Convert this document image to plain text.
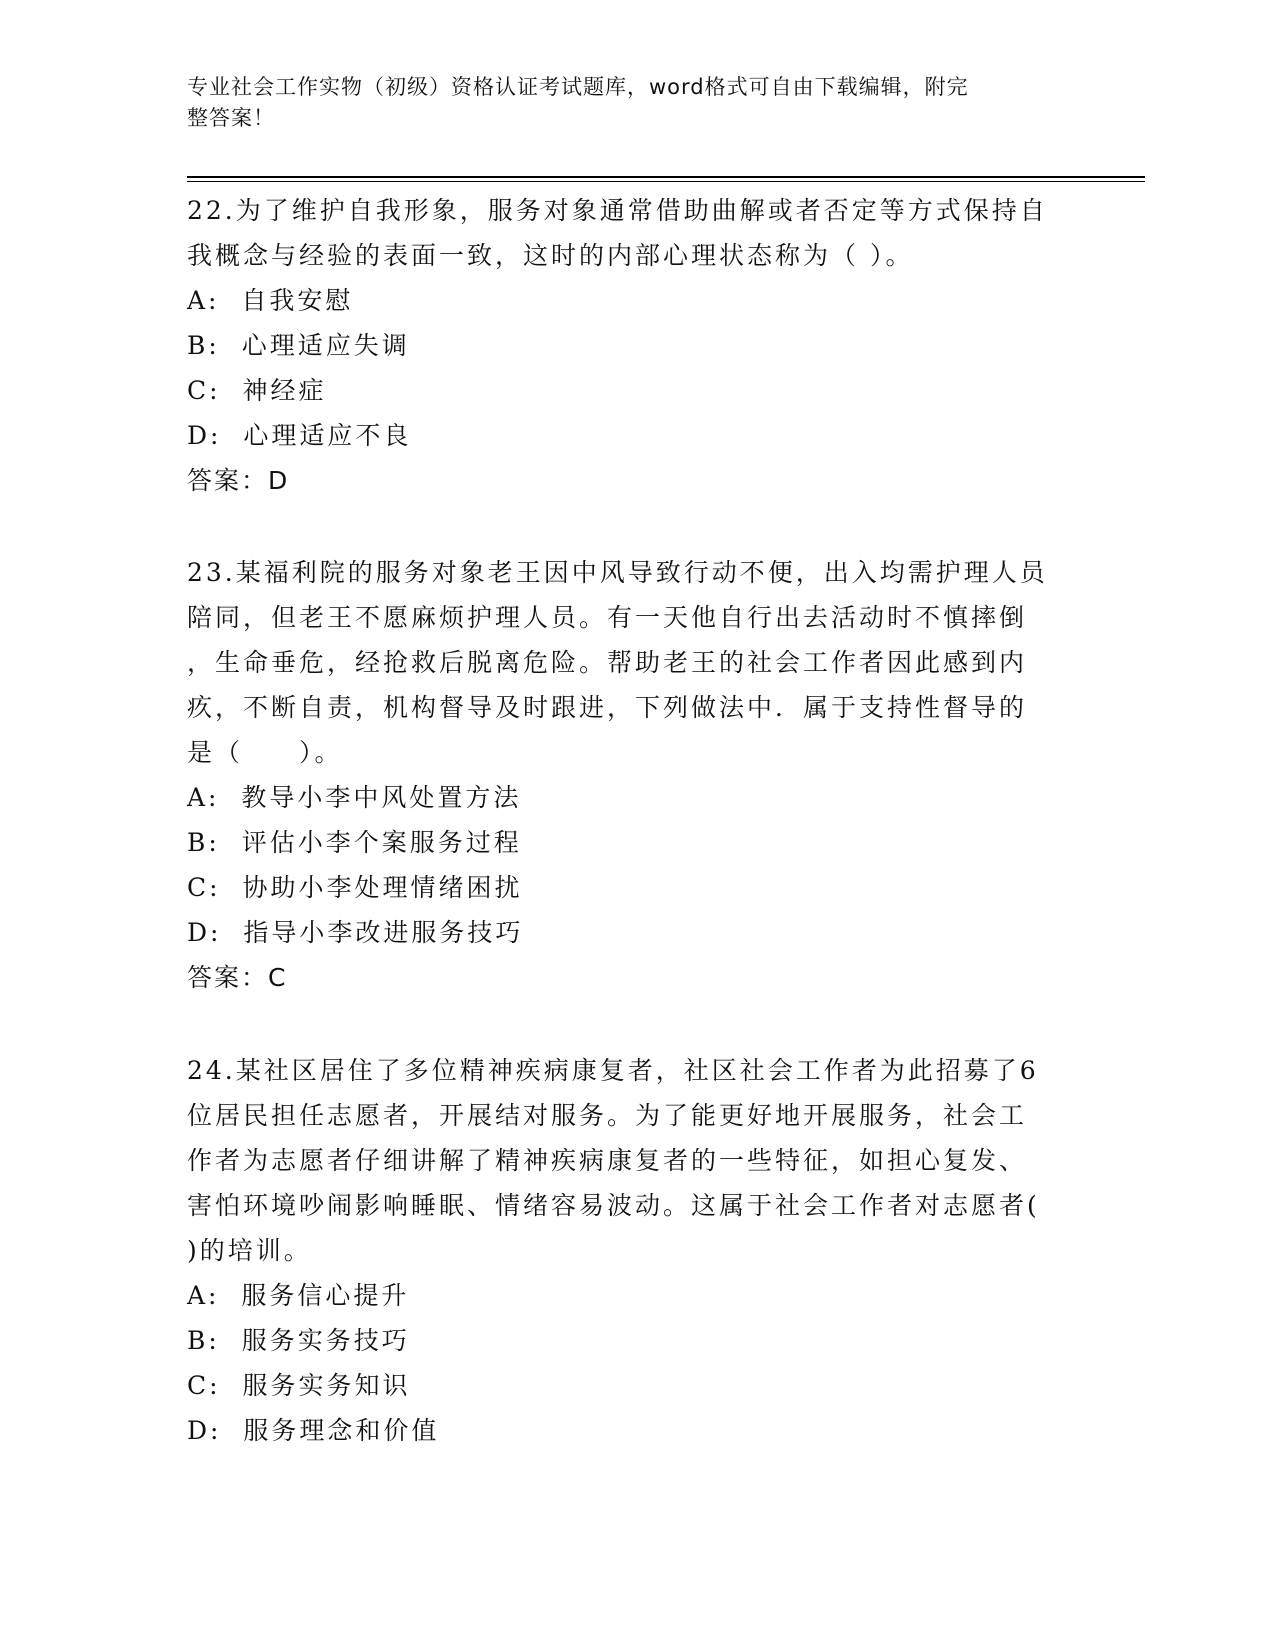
专业社会工作实物（初级）资格认证考试题库，word格式可自由下载编辑，附完
整答案！
22.为了维护自我形象，服务对象通常借助曲解或者否定等方式保持自
我概念与经验的表面一致，这时的内部心理状态称为（ ）。
A:
自我安慰
B:
心理适应失调
C:
神经症
D:
心理适应不良
答案：D
23.某福利院的服务对象老王因中风导致行动不便，出入均需护理人员
陪同，但老王不愿麻烦护理人员。有一天他自行出去活动时不慎摔倒
，生命垂危，经抢救后脱离危险。帮助老王的社会工作者因此感到内
疚，不断自责，机构督导及时跟进，下列做法中．属于支持性督导的
是（　　）。
A:
教导小李中风处置方法
B:
评估小李个案服务过程
C:
协助小李处理情绪困扰
D:
指导小李改进服务技巧
答案：C
24.某社区居住了多位精神疾病康复者，社区社会工作者为此招募了6
位居民担任志愿者，开展结对服务。为了能更好地开展服务，社会工
作者为志愿者仔细讲解了精神疾病康复者的一些特征，如担心复发、
害怕环境吵闹影响睡眠、情绪容易波动。这属于社会工作者对志愿者(
)的培训。
A:
服务信心提升
B:
服务实务技巧
C:
服务实务知识
D:
服务理念和价值
